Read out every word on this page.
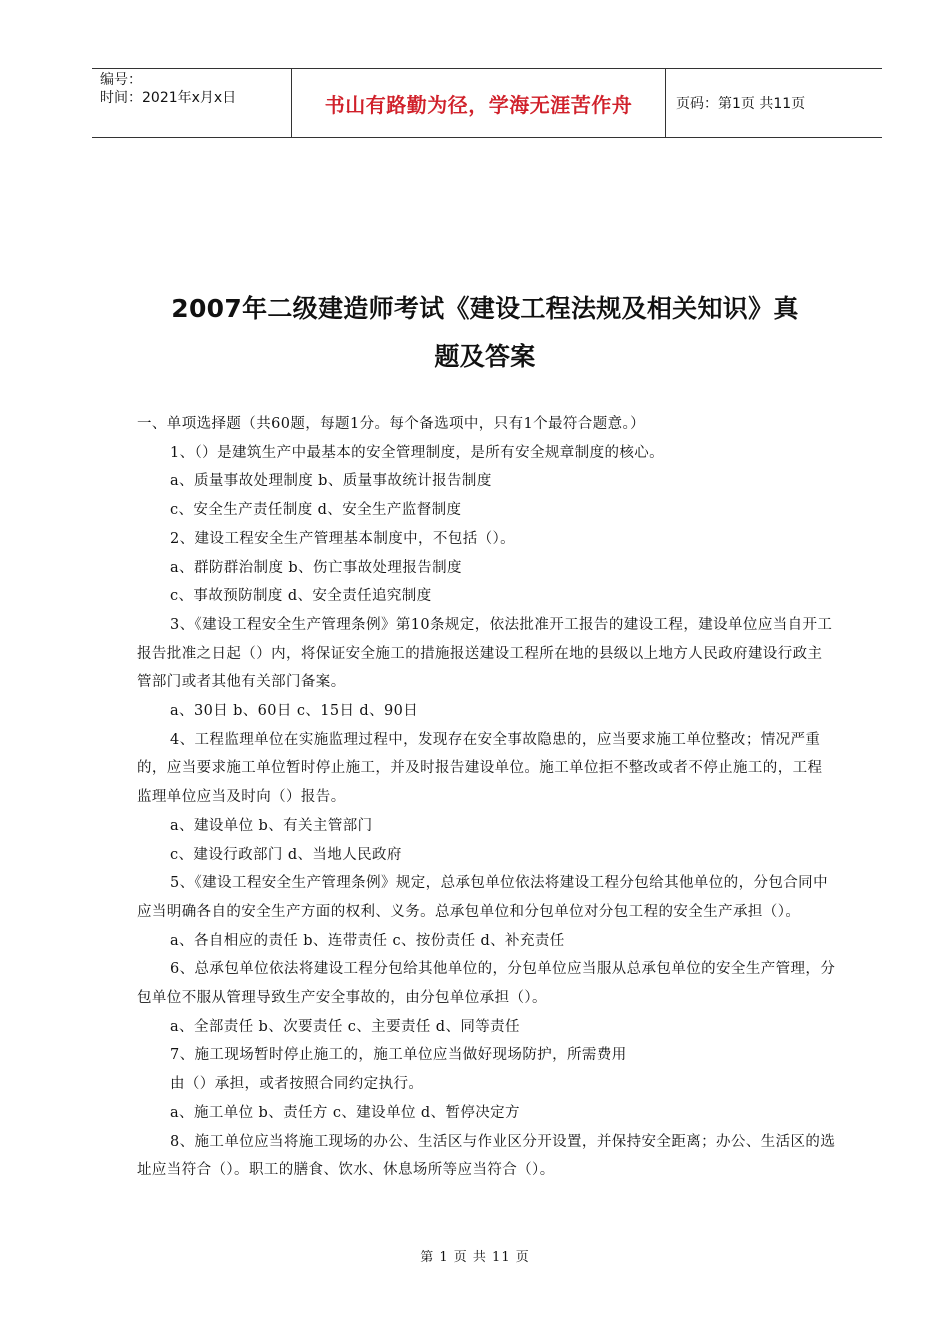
编号：
时间：2021年x月x日	书山有路勤为径，学海无涯苦作舟	页码：第1页 共11页
2007年二级建造师考试《建设工程法规及相关知识》真
题及答案

一、单项选择题（共60题，每题1分。每个备选项中，只有1个最符合题意。）

1、（）是建筑生产中最基本的安全管理制度，是所有安全规章制度的核心。

a、质量事故处理制度 b、质量事故统计报告制度

c、安全生产责任制度 d、安全生产监督制度

2、建设工程安全生产管理基本制度中，不包括（）。

a、群防群治制度 b、伤亡事故处理报告制度

c、事故预防制度 d、安全责任追究制度

3、《建设工程安全生产管理条例》第10条规定，依法批准开工报告的建设工程，建设单位应当自开工报告批准之日起（）内，将保证安全施工的措施报送建设工程所在地的县级以上地方人民政府建设行政主管部门或者其他有关部门备案。

a、30日 b、60日 c、15日 d、90日

4、工程监理单位在实施监理过程中，发现存在安全事故隐患的，应当要求施工单位整改；情况严重的，应当要求施工单位暂时停止施工，并及时报告建设单位。施工单位拒不整改或者不停止施工的，工程监理单位应当及时向（）报告。

a、建设单位 b、有关主管部门

c、建设行政部门 d、当地人民政府

5、《建设工程安全生产管理条例》规定，总承包单位依法将建设工程分包给其他单位的，分包合同中应当明确各自的安全生产方面的权利、义务。总承包单位和分包单位对分包工程的安全生产承担（）。

a、各自相应的责任 b、连带责任 c、按份责任 d、补充责任

6、总承包单位依法将建设工程分包给其他单位的，分包单位应当服从总承包单位的安全生产管理，分包单位不服从管理导致生产安全事故的，由分包单位承担（）。

a、全部责任 b、次要责任 c、主要责任 d、同等责任

7、施工现场暂时停止施工的，施工单位应当做好现场防护，所需费用

由（）承担，或者按照合同约定执行。

a、施工单位 b、责任方 c、建设单位 d、暂停决定方

8、施工单位应当将施工现场的办公、生活区与作业区分开设置，并保持安全距离；办公、生活区的选址应当符合（）。职工的膳食、饮水、休息场所等应当符合（）。

第 1 页 共 11 页
